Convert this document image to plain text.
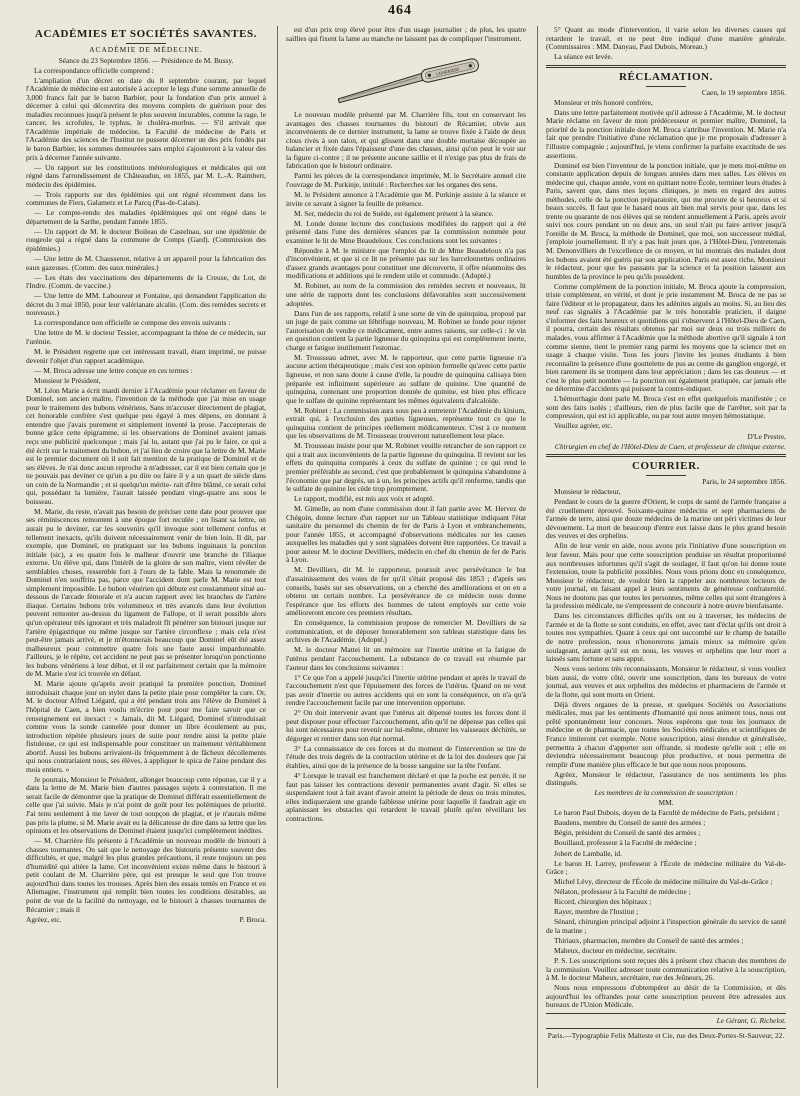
464
ACADÉMIES ET SOCIÉTÉS SAVANTES.
ACADÉMIE DE MÉDECINE.

Séance du 23 Septembre 1856. — Présidence de M. Bussy.

La correspondance officielle comprend :

L'ampliation d'un décret en date du 8 septembre courant, par lequel l'Académie de médecine est autorisée à accepter le legs d'une somme annuelle de 3,000 francs fait par le baron Barbier, pour la fondation d'un prix annuel à décerner à celui qui découvrira des moyens complets de guérison pour des maladies reconnues jusqu'à présent le plus souvent incurables, comme la rage, le cancer, les scrofules, le typhus, le choléra-morbus. — S'il arrivait que l'Académie impériale de médecine, la Faculté de médecine de Paris et l'Académie des sciences de l'Institut ne pussent décerner un des prix fondés par le baron Barbier, les sommes demeurées sans emploi s'ajouteront à la valeur des prix à décerner l'année suivante.

— Un rapport sur les constitutions météorologiques et médicales qui ont régné dans l'arrondissement de Châteaudun, en 1855, par M. L.-A. Raimbert, médecin des épidémies.

— Trois rapports sur des épidémies qui ont régné récemment dans les communes de Fiers, Galametz et Le Parcq (Pas-de-Calais).

— Le compte-rendu des maladies épidémiques qui ont régné dans le département de la Sarthe, pendant l'année 1855.

— Un rapport de M. le docteur Boileau de Castelnau, sur une épidémie de rougeole qui a régné dans la commune de Comps (Gard). (Commission des épidémies.)

— Une lettre de M. Chaussenot, relative à un appareil pour la fabrication des eaux gazeuses. (Comm. des eaux minérales.)

— Les états des vaccinations des départements de la Creuse, du Lot, de l'Indre. (Comm. de vaccine.)

— Une lettre de MM. Laboureur et Fontaine, qui demandent l'application du décret du 3 mai 1850, pour leur valérianate alcalin. (Com. des remèdes secrets et nouveaux.)

La correspondance non officielle se compose des envois suivants :

Une lettre de M. le docteur Tessier, accompagnant la thèse de ce médecin, sur l'urémie.

M. le Président regrette que cet intéressant travail, étant imprimé, ne puisse devenir l'objet d'un rapport académique.

— M. Broca adresse une lettre conçue en ces termes :

Monsieur le Président,

M. Léon Marie a écrit mardi dernier à l'Académie pour réclamer en faveur de Dominel, son ancien maître, l'invention de la méthode que j'ai mise en usage pour le traitement des bubons vénériens. Sans m'accuser directement de plagiat, cet honorable confrère s'est quelque peu égayé à mes dépens, en donnant à entendre que j'avais purement et simplement inventé la prose. J'accepterais de bonne grâce cette épigramme, si les observations de Dominel avaient jamais reçu une publicité quelconque ; mais j'ai lu, autant que j'ai pu le faire, ce qui a été écrit sur le traitement du bubon, et j'ai lieu de croire que la lettre de M. Marie est le premier document où il soit fait mention de la pratique de Dominel et de ses élèves. Je n'ai donc aucun reproche à m'adresser, car il est bien certain que je ne pouvais pas deviner ce qu'un a pu dire ou faire il y a un quart de siècle dans un coin de la Normandie ; et si quelqu'un mérite- rait d'être blâmé, ce serait celui qui, possédant la lumière, l'aurait laissée pendant vingt-quatre ans sous le boisseau.

M. Marie, du reste, n'avait pas besoin de préciser cette date pour prouver que ses réminiscences remontent à une époque fort reculée ; en lisant sa lettre, on aurait pu le deviner, car les souvenirs qu'il invoque sont tellement confus et tellement inexacts, qu'ils doivent nécessairement venir de bien loin. Il dit, par exemple, que Dominel, en pratiquant sur les bubons inguinaux la ponction initiale (sic), a eu quatre fois le malheur d'ouvrir une branche de l'iliaque externe. Un élève qui, dans l'intérêt de la gloire de son maître, vient révéler de semblables choses, ressemble fort à l'ours de la fable. Mais la renommée de Dominel n'en souffrira pas, parce que l'accident dont parle M. Marie est tout simplement impossible. Le bubon vénérien qui débute est constamment situé au-dessous de l'arcade fémorale et n'a aucun rapport avec les branches de l'artère iliaque. Certains bubons très volumineux et très avancés dans leur évolution peuvent remonter au-dessus du ligament de Fallope, et il serait possible alors qu'un opérateur très ignorant et très maladroit fît pénétrer son bistouri jusque sur l'artère épigastrique ou même jusque sur l'artère circonflexe ; mais cela n'est peut-être jamais arrivé, et je m'étonnerais beaucoup que Dominel eût été assez malheureux pour commettre quatre fois une faute aussi impardonnable. J'ailleurs, je le répète, cet accident ne peut pas se présenter lorsqu'on ponctionne les bubons vénériens à leur début, et il est parfaitement certain que la mémoire de M. Marie s'est ici trouvée en défaut.

M. Marie ajoute qu'après avoir pratiqué la première ponction, Dominel introduisait chaque jour un stylet dans la petite plaie pour compléter la cure. Or, M. le docteur Alfred Liégard, qui a été pendant trois ans l'élève de Dominel à l'hôpital de Caen, a bien voulu m'écrire pour pour me faire savoir que ce renseignement est inexact : « Jamais, dit M. Liégard, Dominel n'introduisait comme vous la sonde cannelée pour donner un libre écoulement au pus, introduction répétée plusieurs jours de suite pour rendre ainsi la petite plaie fistuleuse, ce qui est indispensable pour constituer un traitement véritablement abortif. Aussi les bubons arrivaient-ils fréquemment à de fâcheux décollements qui nous contrariaient nous, ses élèves, à appliquer le spica de l'aine pendant des mois entiers. »

Je pourrais, Monsieur le Président, allonger beaucoup cette réponse, car il y a dans la lettre de M. Marie bien d'autres passages sujets à contestation. Il me serait facile de démontrer que la pratique de Dominel différait essentiellement de celle que j'ai suivie. Mais je n'ai point de goût pour les polémiques de priorité. J'ai tenu seulement à me laver de tout soupçon de plagiat, et je n'aurais même pas pris la plume, si M. Marie avait eu la délicatesse de dire dans sa lettre que les opinions et les observations de Dominel étaient jusqu'ici complètement inédites.

— M. Charrière fils présente à l'Académie un nouveau modèle de bistouri à chasses tournantes. On sait que le nettoyage des bistouris présente souvent des difficultés, et que, malgré les plus grandes précautions, il reste toujours un peu d'humidité qui altère la lame. Cet inconvénient existe même dans le bistouri à petit coulant de M. Charrière père, qui est presque le seul que l'on trouve aujourd'hui dans toutes les trousses. Après bien des essais tentés en France et en Allemagne, l'instrument qui remplit bien toutes les conditions désirables, au point de vue de la facilité du nettoyage, est le bistouri à chasses tournantes de Récamier ; mais il

Agréez, etc.	P. Broca.

est d'un prix trop élevé pour être d'un usage journalier ; de plus, les quatre saillies qui fixent la lame au manche ne laissent pas de compliquer l'instrument.

CHARRIÈRE

Le nouveau modèle présenté par M. Charrière fils, tout en conservant les avantages des chasses tournantes du bistouri de Récamier, obvie aux inconvénients de ce dernier instrument, la lame se trouve fixée à l'aide de deux clous rivés à son talon, et qui glissent dans une double mortaise découpée au balancier et fixée dans l'épaisseur d'une des chasses, ainsi qu'on peut le voir sur la figure ci-contre ; il ne présente aucune saillie et il n'exige pas plus de frais de fabrication que le bistouri ordinaire.

Parmi les pièces de la correspondance imprimée, M. le Secrétaire annuel cite l'ouvrage de M. Purkinje, intitulé : Recherches sur les organes des sens.

M. le Président annonce à l'Académie que M. Purkinje assiste à la séance et invite ce savant à signer la feuille de présence.

M. Ser, médecin du roi de Suède, est également présent à la séance.

M. Londe donne lecture des conclusions modifiées du rapport qui a été présenté dans l'une des dernières séances par la commission nommée pour examiner le lit de Mme Beaudeloux. Ces conclusions sont les suivantes :

Répondre à M. le ministre que l'emploi du lit de Mme Beaudeloux n'a pas d'inconvénient, et que si ce lit ne présente pas sur les barcelonnettes ordinaires d'assez grands avantages pour constituer une découverte, il offre néanmoins des modifications et additions qui le rendent utile et commode. (Adopté.)

M. Robinet, au nom de la commission des remèdes secrets et nouveaux, lit une série de rapports dont les conclusions défavorables sont successivement adoptées.

Dans l'un de ses rapports, relatif à une sorte de vin de quinquina, proposé par un juge de paix comme un fébrifuge nouveau, M. Robinet se fonde pour rejeter l'autorisation de vendre ce médicament, entre autres raisons, sur celle-ci : le vin en question contient la partie ligneuse du quinquina qui est complètement inerte, charge et fatigue inutilement l'estomac.

M. Trousseau admet, avec M. le rapporteur, que cette partie ligneuse n'a aucune action thérapeutique ; mais c'est son opinion formelle qu'avec cette partie ligneuse, et non sans doute à cause d'elle, la poudre de quinquina calisaya bien préparée est infiniment supérieure au sulfate de quinine. Une quantité de quinquina, contenant une proportion donnée de quinine, est bien plus efficace que le sulfate de quinine représentant les mêmes équivalents d'alcaloïde.

M. Robinet : La commission aura sous peu à entretenir l'Académie du kinium, extrait qui, à l'exclusion des parties ligneuses, représente tout ce que le quinquina contient de principes réellement médicamenteux. C'est à ce moment que les observations de M. Trousseau trouveront naturellement leur place.

M. Trousseau insiste pour que M. Robinet veuille retrancher de son rapport ce qui a trait aux inconvénients de la partie ligneuse du quinquina. Il revient sur les effets du quinquina comparés à ceux du sulfate de quinine ; ce qui rend le premier préférable au second, c'est que probablement le quinquina s'abandonne à l'économie que par degrés, un à un, les principes actifs qu'il renferme, tandis que le sulfate de quinine les cède trop promptement.

Le rapport, modifié, est mis aux voix et adopté.

M. Gimelle, au nom d'une commission dont il fait partie avec M. Hervez de Chégoin, donne lecture d'un rapport sur un Tableau statistique indiquant l'état sanitaire du personnel du chemin de fer de Paris à Lyon et embranchements, pour l'année 1855, et accompagné d'observations médicales sur les causes auxquelles les maladies qui y sont signalées doivent être rapportées. Ce travail a pour auteur M. le docteur Devilliers, médecin en chef du chemin de fer de Paris à Lyon.

M. Devilliers, dit M. le rapporteur, poursuit avec persévérance le but d'assainissement des voies de fer qu'il s'était proposé dès 1853 ; d'après ses conseils, basés sur ses observations, on a cherché des améliorations et on en a obtenu un certain nombre. La persévérance de ce médecin nous donne l'espérance que les efforts des hommes de talent employés sur cette voie amélioreront encore ces premiers résultats.

En conséquence, la commission propose de remercier M. Devilliers de sa communication, et de déposer honorablement son tableau statistique dans les archives de l'Académie. (Adopté.)

M. le docteur Mattei lit un mémoire sur l'inertie utérine et la fatigue de l'utérus pendant l'accouchement. La substance de ce travail est résumée par l'auteur dans les conclusions suivantes :

1° Ce que l'on a appelé jusqu'ici l'inertie utérine pendant et après le travail de l'accouchement n'est que l'épuisement des forces de l'utérus. Quand on ne veut pas avoir d'inertie ou autres accidents qui en sont la conséquence, on n'a qu'à rendre l'accouchement facile par une intervention opportune.

2° On doit intervenir avant que l'utérus ait dépensé toutes les forces dont il peut disposer pour effectuer l'accouchement, afin qu'il ne dépense pas celles qui lui sont nécessaires pour revenir sur lui-même, obturer les vaisseaux déchirés, se dégorger et rentrer dans son état normal.

3° La connaissance de ces forces et du moment de l'intervention se tire de l'étude des trois degrés de la contraction utérine et de la loi des douleurs que j'ai établies, ainsi que de la présence de la bosse sanguine sur la tête l'enfant.

4° Lorsque le travail est franchement déclaré et que la poche est percée, il ne faut pas laisser les contractions devenir permanentes avant d'agir. Si elles se suspendaient tout à fait avant d'avoir atteint la période de deux ou trois minutes, elles indiqueraient une grande faiblesse utérine pour laquelle il faudrait agir en aplanissant les obstacles qui retardent le travail plutôt qu'en réveillant les contractions.

5° Quant au mode d'intervention, il varie selon les diverses causes qui retardent le travail, et ne peut être indiqué d'une manière générale. (Commissaires : MM. Danyau, Paul Dubois, Moreau.)

La séance est levée.

RÉCLAMATION.

Caen, le 19 septembre 1856.

Monsieur et très honoré confrère,

Dans une lettre parfaitement motivée qu'il adresse à l'Académie, M. le docteur Marie réclame en faveur de mon prédécesseur et premier maître, Dominel, la priorité de la ponction initiale dont M. Broca s'attribue l'invention. M. Marie n'a fait que prendre l'initiative d'une réclamation que je me proposais d'adresser à l'illustre compagnie ; aujourd'hui, je viens confirmer la parfaite exactitude de ses assertions.

Dominel est bien l'inventeur de la ponction initiale, que je mets moi-même en constante application depuis de longues années dans mes salles. Les élèves en médecine qui, chaque année, vont en quittant notre École, terminer leurs études à Paris, savent que, dans mes leçons cliniques, je mets en regard des autres méthodes, celle de la ponction préparatoire, qui me procure de si heureux et si beaux succès. Il faut que le hasard nous ait bien mal servis pour que, dans les trente ou quarante de nos élèves qui se rendent annuellement à Paris, après avoir suivi nos cours pendant un ou deux ans, un seul n'ait pu faire arriver jusqu'à l'oreille de M. Broca, la méthode de Dominel, que moi, son successeur médial, j'emploie journellement. Il n'y a pas huit jours que, à l'Hôtel-Dieu, j'entretenais M. Denonvilliers de l'excellence de ce moyen, et lui montrais des malades dont les bubons avaient été guéris par son application. Paris est assez riche, Monsieur le rédacteur, pour que les passants par la science et la position laissent aux humbles de la province le peu qu'ils possèdent.

Comme complément de la ponction initiale, M. Broca ajoute la compression, triste complément, en vérité, et dont je prie instamment M. Broca de ne pas se faire l'éditeur et le propagateur, dans les adénites aiguës au moins. Si, au lieu des neuf cas signalés à l'Académie par le très honorable praticien, il daigne s'informer des faits heureux et quotidiens qui s'observent à l'Hôtel-Dieu de Caen, il pourra, certain des résultats obtenus par moi sur deux ou trois milliers de malades, vous affirmer à l'Académie que la méthode abortive qu'il signale à tort comme sienne, tient le premier rang parmi les moyens que la science met en usage à chaque visite. Tous les jours j'invite les jeunes étudiants à bien reconnaître la présence d'une gouttelette de pus au centre du ganglion engorgé, et bien rarement ils se trompent dans leur appréciation ; dans les cas douteux — et c'est le plus petit nombre — la ponction est également pratiquée, car jamais elle ne détermine d'accidents qui puissent la contre-indiquer.

L'hémorrhagie dont parle M. Broca s'est en effet quelquefois manifestée ; ce sont des faits isolés ; d'ailleurs, rien de plus facile que de l'arrêter, soit par la compression, qui est ici applicable, ou par tout autre moyen hémostatique.

Veuillez agréer, etc.

D'Le Prestre,

Chirurgien en chef de l'Hôtel-Dieu de Caen, et professeur de clinique externe.

COURRIER.

Paris, le 24 septembre 1856.

Monsieur le rédacteur,

Pendant le cours de la guerre d'Orient, le corps de santé de l'armée française a été cruellement éprouvé. Soixante-quinze médecins et sept pharmaciens de l'armée de terre, ainsi que douze médecins de la marine ont péri victimes de leur dévouement. La mort de beaucoup d'entre eux laisse dans le plus grand besoin des veuves et des orphelins.

Afin de leur venir en aide, nous avons pris l'initiative d'une souscription en leur faveur. Mais pour que cette souscription produise un résultat proportionné aux nombreuses infortunes qu'il s'agit de soulager, il faut qu'on lui donne toute l'extension, toute la publicité possibles. Nous vous prions donc en conséquence, Monsieur le rédacteur, de vouloir bien la rappeler aux nombreux lecteurs de votre journal, en faisant appel à leurs sentiments de généreuse confraternité. Nous ne doutons pas que toutes les personnes, même celles qui sont étrangères à la profession médicale, ne s'empressent de concourir à notre œuvre bienfaisante.

Dans les circonstances difficiles qu'ils ont eu à traverser, les médecins de l'armée et de la flotte se sont conduits, en effet, avec tant d'éclat qu'ils ont droit à toutes nos sympathies. Quant à ceux qui ont succombé sur le champ de bataille de notre profession, nous n'honorerons jamais mieux sa mémoire qu'en soulageant, autant qu'il est en nous, les veuves et orphelins que leur mort a laissés sans fortune et sans appui.

Nous vous serions très reconnaissants, Monsieur le rédacteur, si vous vouliez bien aussi, de votre côté, ouvrir une souscription, dans les bureaux de votre journal, aux veuves et aux orphelins des médecins et pharmaciens de l'armée et de la flotte, qui sont morts en Orient.

Déjà divers organes de la presse, et quelques Sociétés ou Associations médicales, mus par les sentiments d'humanité qui nous animent tous, nous ont prêté spontanément leur concours. Nous espérons que tous les journaux de médecine et de pharmacie, que toutes les Sociétés médicales et scientifiques de France imiteront cet exemple. Notre souscription, ainsi étendue et généralisée, permettra à chacun d'apporter son offrande, si modeste qu'elle soit ; elle en deviendra nécessairement beaucoup plus productive, et nous permettra de remplir d'une manière plus efficace le but que nous nous proposons.

Agréez, Monsieur le rédacteur, l'assurance de nos sentiments les plus distingués.

Les membres de la commission de souscription :

MM.

Le baron Paul Dubois, doyen de la Faculté de médecine de Paris, président ;

Baudens, membre du Conseil de santé des armées ;

Bégin, président du Conseil de santé des armées ;

Bouillaud, professeur à la Faculté de médecine ;

Jobert de Lamballe, id.

Le baron H. Larrey, professeur à l'École de médecine militaire du Val-de-Grâce ;

Michel Lévy, directeur de l'École de médecine militaire du Val-de-Grâce ;

Nélaton, professeur à la Faculté de médecine ;

Ricord, chirurgien des hôpitaux ;

Rayer, membre de l'Institut ;

Sénard, chirurgien principal adjoint à l'inspection générale du service de santé de la marine ;

Thiriaux, pharmacien, membre du Conseil de santé des armées ;

Maheux, docteur en médecine, secrétaire.

P. S. Les souscriptions sont reçues dès à présent chez chacun des membres de la commission. Veuillez adresser toute communication relative à la souscription, à M. le docteur Maheux, secrétaire, rue des Jeûneurs, 26.

Nous nous empressons d'obtempérer au désir de la Commission, et dès aujourd'hui les offrandes pour cette souscription peuvent être adressées aux bureaux de l'Union Médicale.

Le Gérant, G. Richelot.

Paris.—Typographie Felix Malteste et Cie, rue des Deux-Portes-St-Sauveur, 22.
